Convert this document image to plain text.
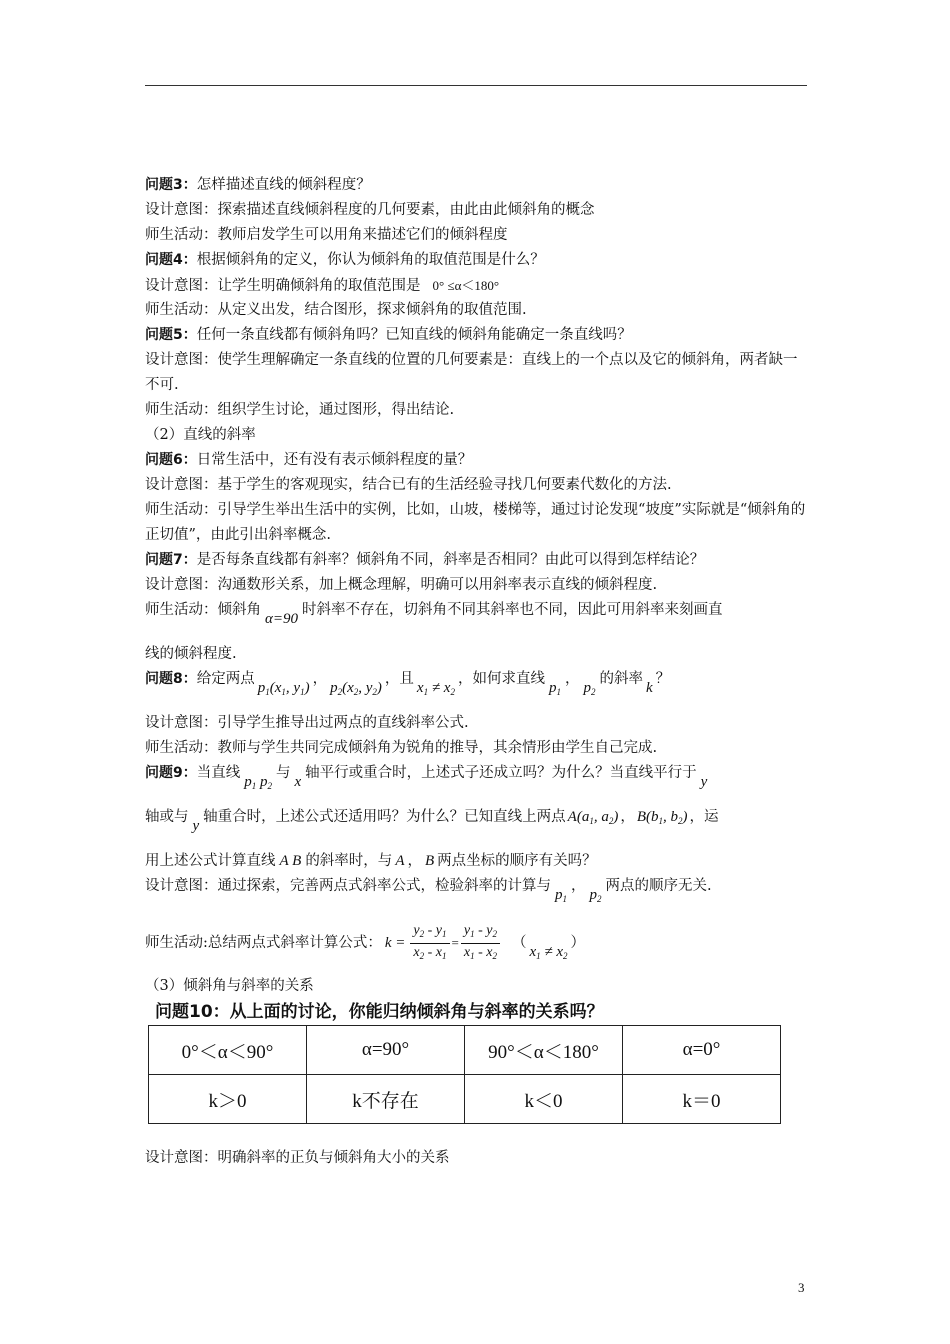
问题3：怎样描述直线的倾斜程度？
设计意图：探索描述直线倾斜程度的几何要素，由此由此倾斜角的概念
师生活动：教师启发学生可以用角来描述它们的倾斜程度
问题4：根据倾斜角的定义，你认为倾斜角的取值范围是什么？
设计意图：让学生明确倾斜角的取值范围是 0° ≤α＜180°
师生活动：从定义出发，结合图形，探求倾斜角的取值范围.
问题5：任何一条直线都有倾斜角吗？已知直线的倾斜角能确定一条直线吗？
设计意图：使学生理解确定一条直线的位置的几何要素是：直线上的一个点以及它的倾斜角，两者缺一不可.
师生活动：组织学生讨论，通过图形，得出结论.
（2）直线的斜率
问题6：日常生活中，还有没有表示倾斜程度的量？
设计意图：基于学生的客观现实，结合已有的生活经验寻找几何要素代数化的方法.
师生活动：引导学生举出生活中的实例，比如，山坡，楼梯等，通过讨论发现“坡度”实际就是“倾斜角的正切值”，由此引出斜率概念.
问题7：是否每条直线都有斜率？倾斜角不同，斜率是否相同？由此可以得到怎样结论？
设计意图：沟通数形关系，加上概念理解，明确可以用斜率表示直线的倾斜程度.
师生活动：倾斜角α=90时斜率不存在，切斜角不同其斜率也不同，因此可用斜率来刻画直
线的倾斜程度.
问题8：给定两点$p_1(x_1$, $y_1$)，$p_2(x_2$, $y_2$)，且$x_1 \ne x_2$，如何求直线$p_1$，$p_2$的斜率k？
设计意图：引导学生推导出过两点的直线斜率公式.
师生活动：教师与学生共同完成倾斜角为锐角的推导，其余情形由学生自己完成.
问题9：当直线$p_1$ $p_2$与x轴平行或重合时，上述式子还成立吗？为什么？当直线平行于y
轴或与y轴重合时，上述公式还适用吗？为什么？已知直线上两点 $A(a_1$, $a_2$) ， $B(b_1$, $b_2$) ，运
用上述公式计算直线 A B 的斜率时，与 A ， B 两点坐标的顺序有关吗？
设计意图：通过探索，完善两点式斜率公式，检验斜率的计算与$p_1$，$p_2$两点的顺序无关.
师生活动:总结两点式斜率计算公式： $k = \frac{y_2 - y_1}{x_2 - x_1} = \frac{y_1 - y_2}{x_1 - x_2} (x_1 \ne x_2)$
（3）倾斜角与斜率的关系
问题10：从上面的讨论，你能归纳倾斜角与斜率的关系吗？
0°＜α＜90°	α=90°	90°＜α＜180°	α=0°
k＞0	k不存在	k＜0	k＝0
设计意图：明确斜率的正负与倾斜角大小的关系
3
